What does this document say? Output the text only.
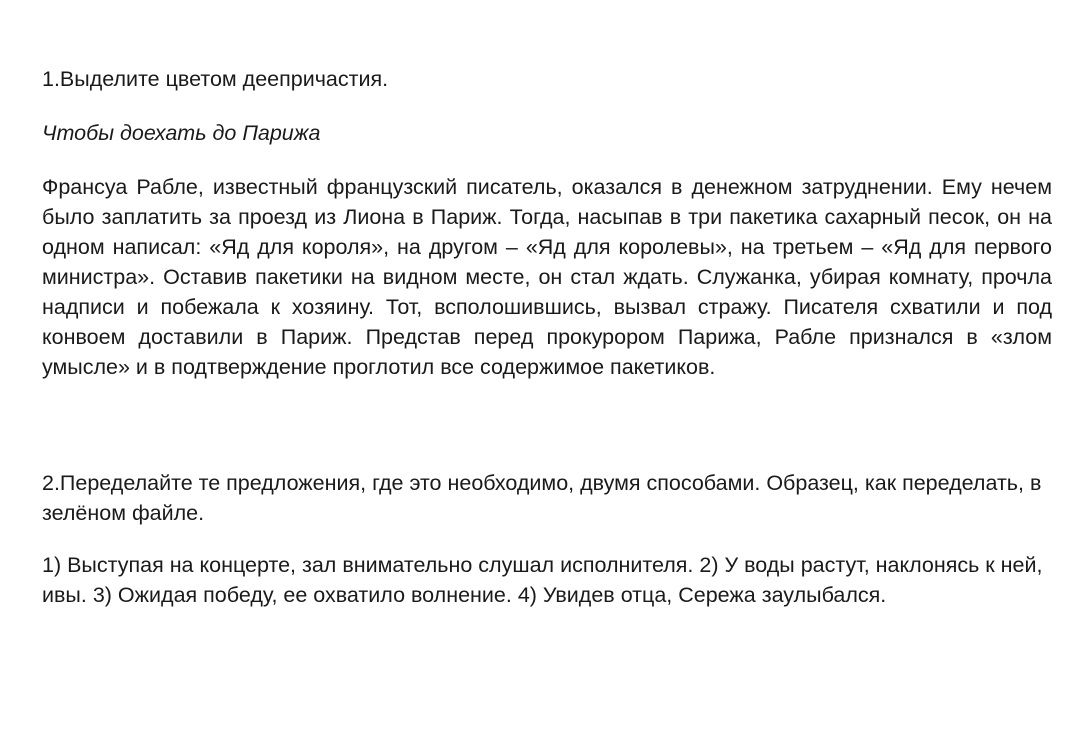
1.Выделите цветом деепричастия.

Чтобы доехать до Парижа

Франсуа Рабле, известный французский писатель, оказался в денежном затруднении. Ему нечем было заплатить за проезд из Лиона в Париж. Тогда, насыпав в три пакетика сахарный песок, он на одном написал: «Яд для короля», на другом – «Яд для королевы», на третьем – «Яд для первого министра». Оставив пакетики на видном месте, он стал ждать. Служанка, убирая комнату, прочла надписи и побежала к хозяину. Тот, всполошившись, вызвал стражу. Писателя схватили и под конвоем доставили в Париж. Представ перед прокурором Парижа, Рабле признался в «злом умысле» и в подтверждение проглотил все содержимое пакетиков.

2.Переделайте те предложения, где это необходимо, двумя способами. Образец, как переделать, в зелёном файле.

1) Выступая на концерте, зал внимательно слушал исполнителя. 2) У воды растут, наклонясь к ней, ивы. 3) Ожидая победу, ее охватило волнение. 4) Увидев отца, Сережа заулыбался.
